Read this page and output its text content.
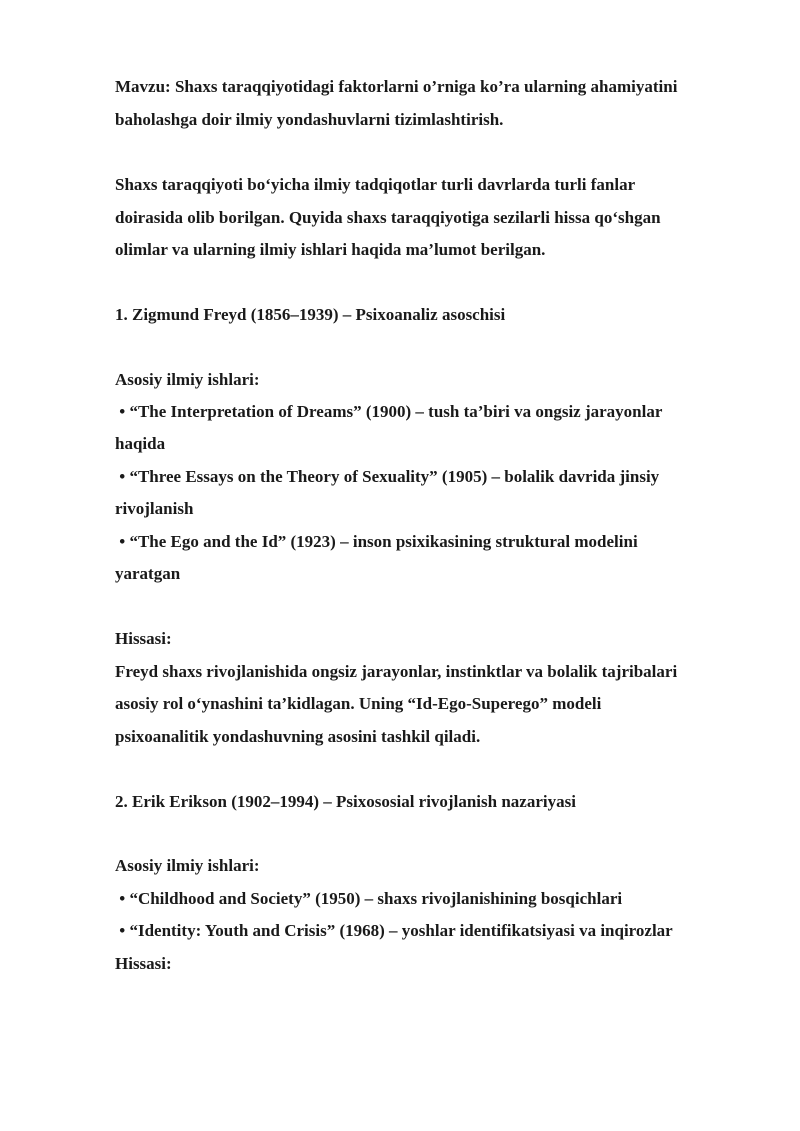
Mavzu: Shaxs taraqqiyotidagi faktorlarni o’rniga ko’ra ularning ahamiyatini
baholashga doir ilmiy yondashuvlarni tizimlashtirish.
Shaxs taraqqiyoti bo‘yicha ilmiy tadqiqotlar turli davrlarda turli fanlar
doirasida olib borilgan. Quyida shaxs taraqqiyotiga sezilarli hissa qo‘shgan
olimlar va ularning ilmiy ishlari haqida ma’lumot berilgan.
1. Zigmund Freyd (1856–1939) – Psixoanaliz asoschisi
Asosiy ilmiy ishlari:
• “The Interpretation of Dreams” (1900) – tush ta’biri va ongsiz jarayonlar
haqida
• “Three Essays on the Theory of Sexuality” (1905) – bolalik davrida jinsiy
rivojlanish
• “The Ego and the Id” (1923) – inson psixikasining struktural modelini
yaratgan
Hissasi:
Freyd shaxs rivojlanishida ongsiz jarayonlar, instinktlar va bolalik tajribalari
asosiy rol o‘ynashini ta’kidlagan. Uning “Id-Ego-Superego” modeli
psixoanalitik yondashuvning asosini tashkil qiladi.
2. Erik Erikson (1902–1994) – Psixososial rivojlanish nazariyasi
Asosiy ilmiy ishlari:
• “Childhood and Society” (1950) – shaxs rivojlanishining bosqichlari
• “Identity: Youth and Crisis” (1968) – yoshlar identifikatsiyasi va inqirozlar
Hissasi:
